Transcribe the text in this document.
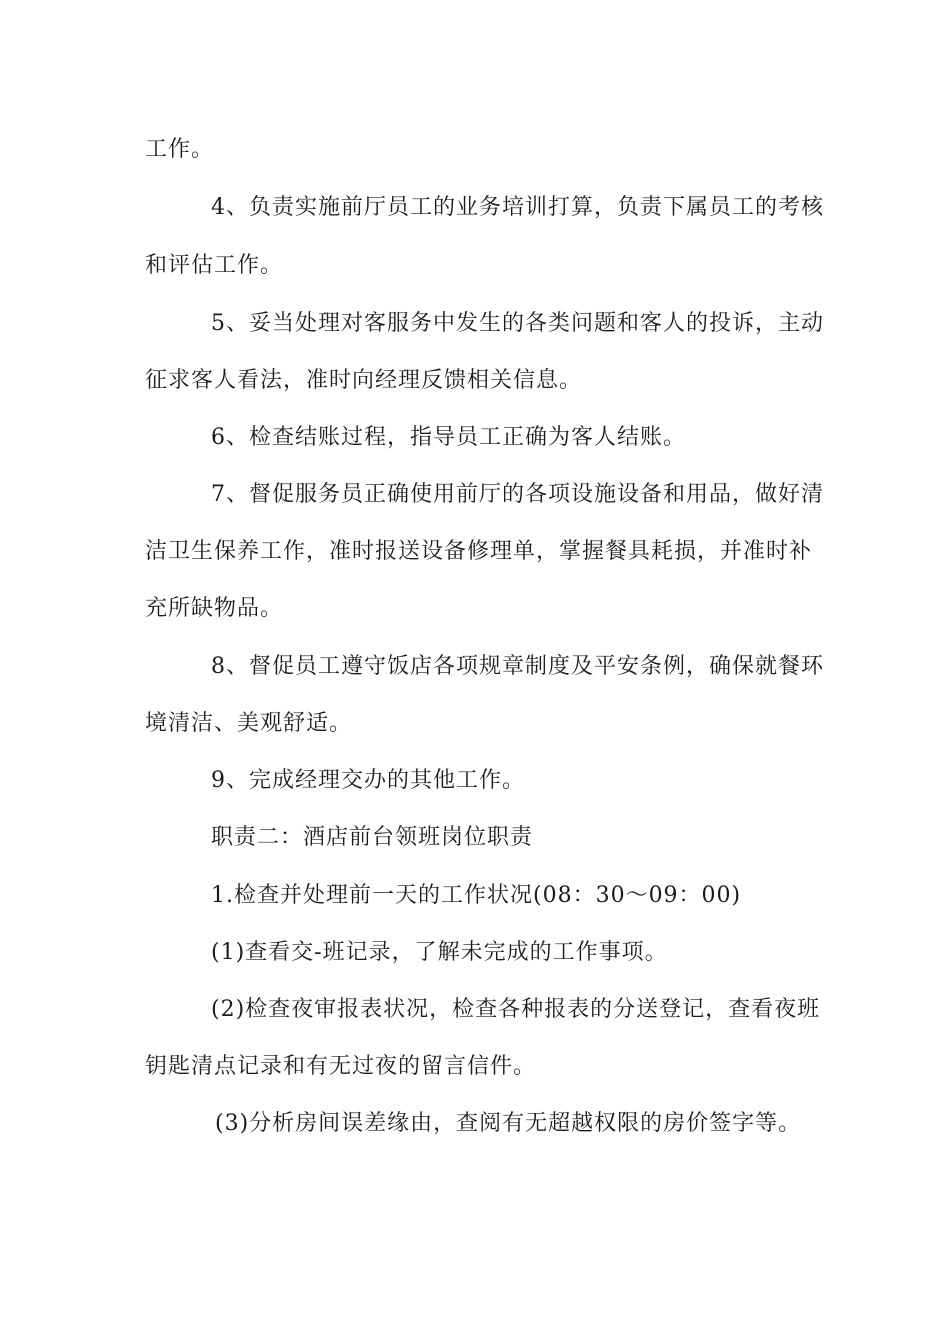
工作。
4、负责实施前厅员工的业务培训打算，负责下属员工的考核
和评估工作。
5、妥当处理对客服务中发生的各类问题和客人的投诉，主动
征求客人看法，准时向经理反馈相关信息。
6、检查结账过程，指导员工正确为客人结账。
7、督促服务员正确使用前厅的各项设施设备和用品，做好清
洁卫生保养工作，准时报送设备修理单，掌握餐具耗损，并准时补
充所缺物品。
8、督促员工遵守饭店各项规章制度及平安条例，确保就餐环
境清洁、美观舒适。
9、完成经理交办的其他工作。
职责二：酒店前台领班岗位职责
1.检查并处理前一天的工作状况(08：30～09：00)
(1)查看交-班记录，了解未完成的工作事项。
(2)检查夜审报表状况，检查各种报表的分送登记，查看夜班
钥匙清点记录和有无过夜的留言信件。
(3)分析房间误差缘由，查阅有无超越权限的房价签字等。
